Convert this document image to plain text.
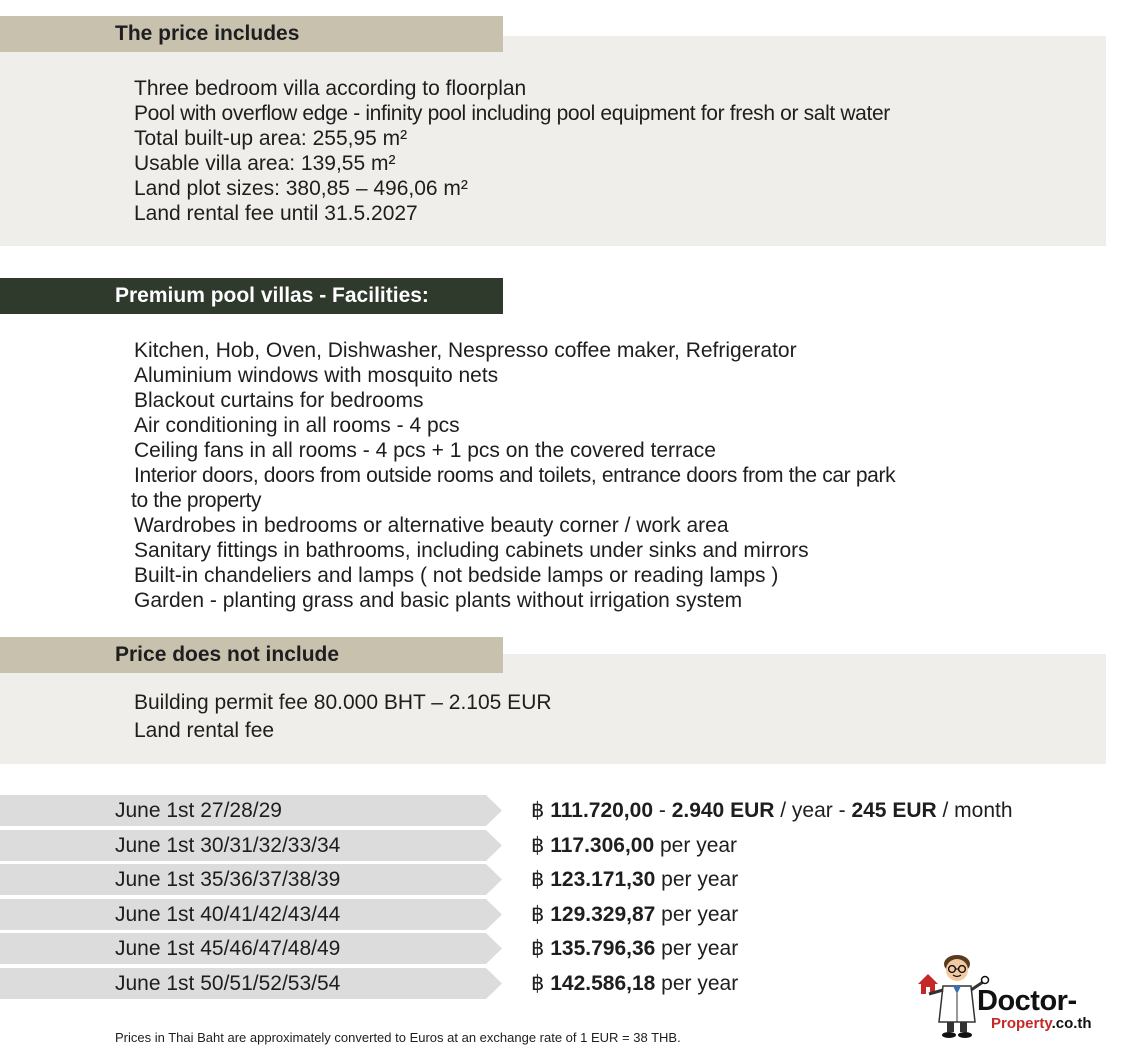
The price includes
Three bedroom villa according to floorplan
Pool with overflow edge - infinity pool including pool equipment for fresh or salt water
Total built-up area: 255,95 m²
Usable villa area: 139,55 m²
Land plot sizes: 380,85 – 496,06 m²
Land rental fee until 31.5.2027
Premium pool villas - Facilities:
Kitchen, Hob, Oven, Dishwasher, Nespresso coffee maker, Refrigerator
Aluminium windows with mosquito nets
Blackout curtains for bedrooms
Air conditioning in all rooms - 4 pcs
Ceiling fans in all rooms - 4 pcs + 1 pcs on the covered terrace
Interior doors, doors from outside rooms and toilets, entrance doors from the car park
to the property
Wardrobes in bedrooms or alternative beauty corner / work area
Sanitary fittings in bathrooms, including cabinets under sinks and mirrors
Built-in chandeliers and lamps ( not bedside lamps or reading lamps )
Garden - planting grass and basic plants without irrigation system
Price does not include
Building permit fee 80.000 BHT – 2.105 EUR
Land rental fee
June 1st 27/28/29	฿ 111.720,00 - 2.940 EUR / year - 245 EUR / month
June 1st 30/31/32/33/34	฿ 117.306,00 per year
June 1st 35/36/37/38/39	฿ 123.171,30 per year
June 1st 40/41/42/43/44	฿ 129.329,87 per year
June 1st 45/46/47/48/49	฿ 135.796,36 per year
June 1st 50/51/52/53/54	฿ 142.586,18 per year
Prices in Thai Baht are approximately converted to Euros at an exchange rate of 1 EUR = 38 THB.
Doctor-
Property.co.th
